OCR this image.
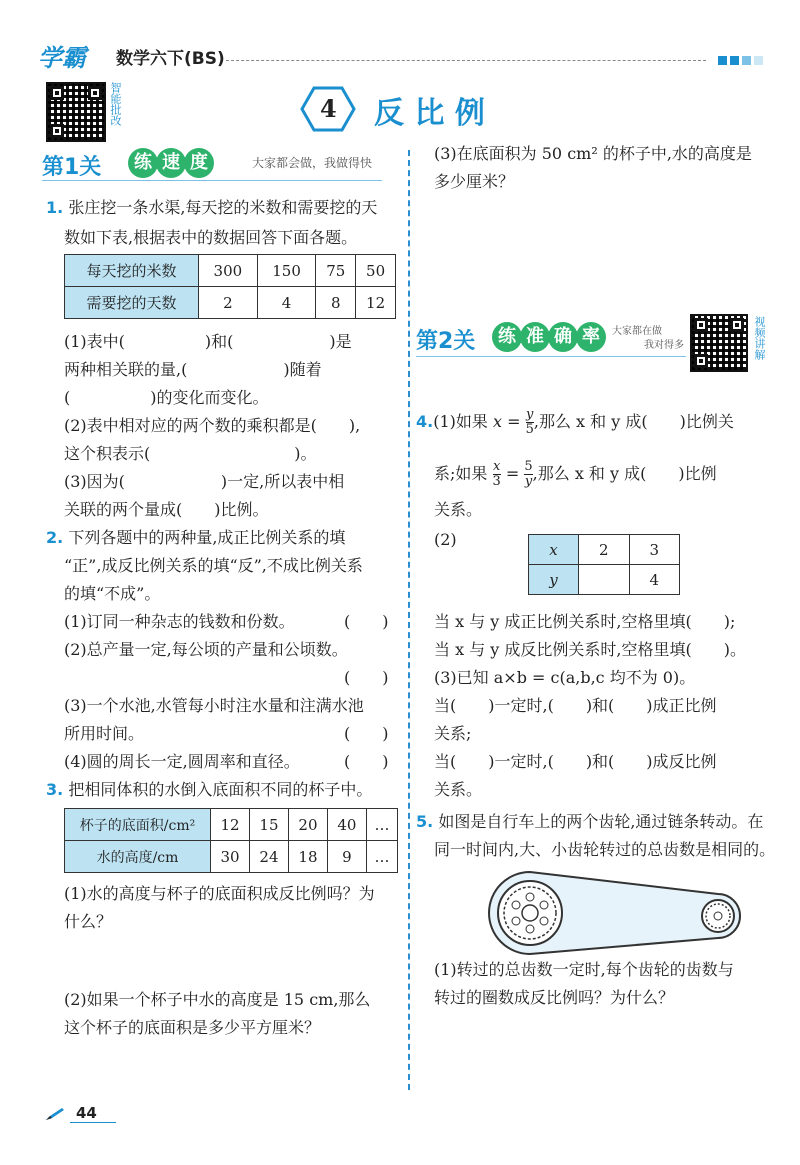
学霸 数学六下(BS)
智能批改	4 反 比 例
第1关	练 速 度	大家都会做，我做得快
1. 张庄挖一条水渠,每天挖的米数和需要挖的天
数如下表,根据表中的数据回答下面各题。
每天挖的米数	300	150	75	50
需要挖的天数	2	4	8	12
(1)表中(　　　　　)和(　　　　　　)是
两种相关联的量,(　　　　　　)随着
(　　　　　)的变化而变化。
(2)表中相对应的两个数的乘积都是(　　),
这个积表示(　　　　　　　　　)。
(3)因为(　　　　　　)一定,所以表中相
关联的两个量成(　　)比例。
2. 下列各题中的两种量,成正比例关系的填
“正”,成反比例关系的填“反”,不成比例关系
的填“不成”。
(1)订同一种杂志的钱数和份数。	(　　)
(2)总产量一定,每公顷的产量和公顷数。
(　　)
(3)一个水池,水管每小时注水量和注满水池
所用时间。	(　　)
(4)圆的周长一定,圆周率和直径。	(　　)
3. 把相同体积的水倒入底面积不同的杯子中。
杯子的底面积/cm²	12	15	20	40	…
水的高度/cm	30	24	18	9	…
(1)水的高度与杯子的底面积成反比例吗？为
什么？
(2)如果一个杯子中水的高度是 15 cm,那么
这个杯子的底面积是多少平方厘米？
(3)在底面积为 50 cm² 的杯子中,水的高度是
多少厘米？
第2关	练 准 确 率	大家都在做
我对得多	视频讲解
4.(1)如果 $x = \frac{y}{5}$ ,那么 x 和 y 成(　　)比例关
系;如果 $\frac{x}{3} = \frac{5}{y}$ ,那么 x 和 y 成(　　)比例
关系。
(2)
x	2	3
y		4
当 x 与 y 成正比例关系时,空格里填(　　);
当 x 与 y 成反比例关系时,空格里填(　　)。
(3)已知 a×b = c(a,b,c 均不为 0)。
当(　　)一定时,(　　)和(　　)成正比例
关系;
当(　　)一定时,(　　)和(　　)成反比例
关系。
5. 如图是自行车上的两个齿轮,通过链条转动。在
同一时间内,大、小齿轮转过的总齿数是相同的。
(1)转过的总齿数一定时,每个齿轮的齿数与
转过的圈数成反比例吗？为什么？
44
